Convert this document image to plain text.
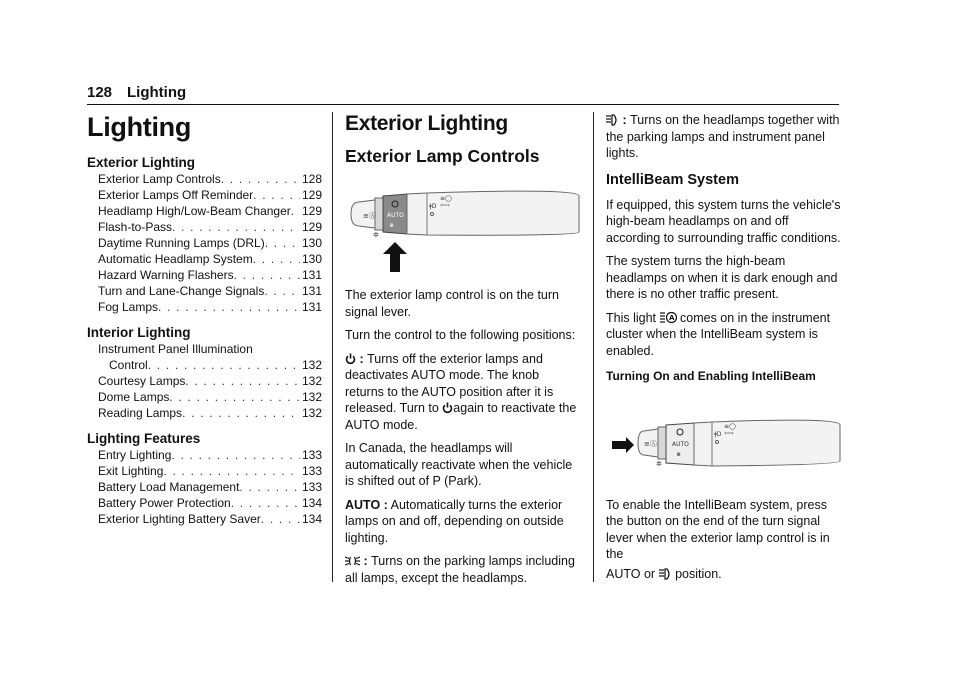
128 Lighting
Lighting
Exterior Lighting
Exterior Lamp Controls . . .	128
Exterior Lamps Off Reminder . . .	129
Headlamp High/Low-Beam Changer . . . 129
Flash-to-Pass . . .	129
Daytime Running Lamps (DRL) . . .	130
Automatic Headlamp System . . .	130
Hazard Warning Flashers . . .	131
Turn and Lane-Change Signals . . .	131
Fog Lamps . . .	131
Interior Lighting
Instrument Panel Illumination
Control . . .	132
Courtesy Lamps . . .	132
Dome Lamps . . .	132
Reading Lamps . . .	132
Lighting Features
Entry Lighting . . .	133
Exit Lighting . . .	133
Battery Load Management . . .	133
Battery Power Protection . . .	134
Exterior Lighting Battery Saver . . .	134
Exterior Lighting
Exterior Lamp Controls
≡Ⓐ AUTO
⋇
≡◯
⇦⇨
ǂD
✲

The exterior lamp control is on the turn signal lever.

Turn the control to the following positions:

: Turns off the exterior lamps and deactivates AUTO mode. The knob returns to the AUTO position after it is released. Turn to again to reactivate the AUTO mode.

In Canada, the headlamps will automatically reactivate when the vehicle is shifted out of P (Park).

AUTO : Automatically turns the exterior lamps on and off, depending on outside lighting.

: Turns on the parking lamps including all lamps, except the headlamps.

: Turns on the headlamps together with the parking lamps and instrument panel lights.

IntelliBeam System

If equipped, this system turns the vehicle's high-beam headlamps on and off according to surrounding traffic conditions.

The system turns the high-beam headlamps on when it is dark enough and there is no other traffic present.

This light A comes on in the instrument cluster when the IntelliBeam system is enabled.

Turning On and Enabling IntelliBeam

≡Ⓐ	AUTO
⋇
≡◯
⇦⇨
ǂD
✲

To enable the IntelliBeam system, press the button on the end of the turn signal lever when the exterior lamp control is in the

AUTO or position.
